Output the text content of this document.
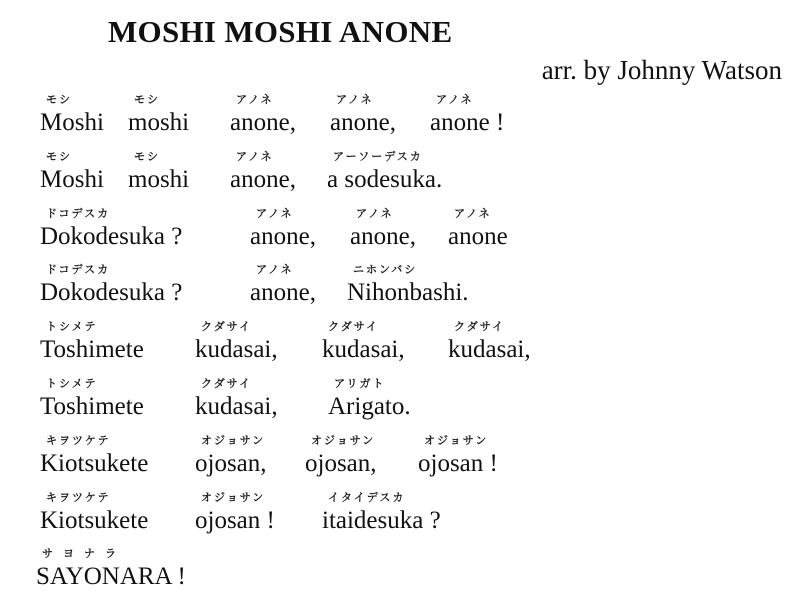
MOSHI MOSHI ANONE

arr. by Johnny Watson

モシ
Moshi
モシ
moshi
アノネ
anone,
アノネ
anone,
アノネ
anone !
モシ
Moshi
モシ
moshi
アノネ
anone,
アーソーデスカ
a sodesuka.
ドコデスカ
Dokodesuka ?
アノネ
anone,
アノネ
anone,
アノネ
anone
ドコデスカ
Dokodesuka ?
アノネ
anone,
ニホンバシ
Nihonbashi.
トシメテ
Toshimete
クダサイ
kudasai,
クダサイ
kudasai,
クダサイ
kudasai,
トシメテ
Toshimete
クダサイ
kudasai,
アリガト
Arigato.
キヲツケテ
Kiotsukete
オジョサン
ojosan,
オジョサン
ojosan,
オジョサン
ojosan !
キヲツケテ
Kiotsukete
オジョサン
ojosan !
イタイデスカ
itaidesuka ?
サヨナラ
SAYONARA !
